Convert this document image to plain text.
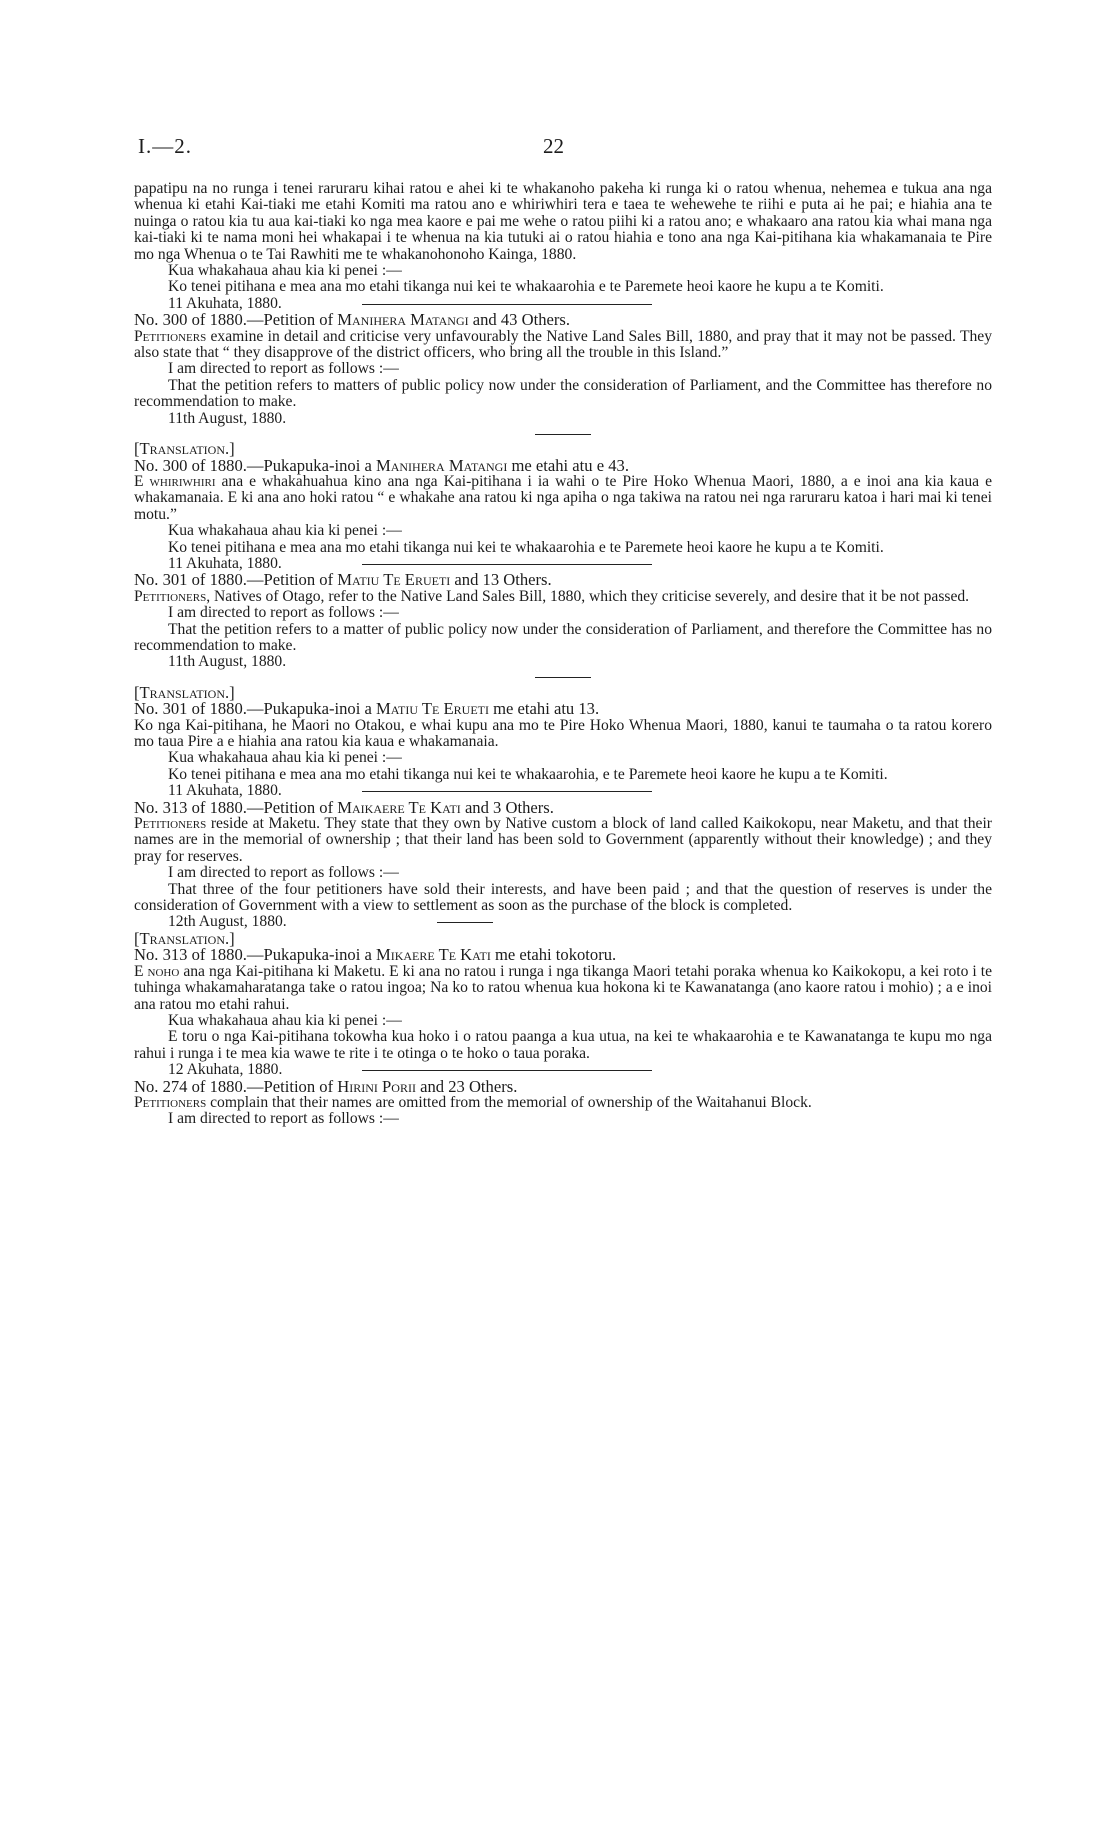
I.—2.	22

papatipu na no runga i tenei raruraru kihai ratou e ahei ki te whakanoho pakeha ki runga ki o ratou whenua, nehemea e tukua ana nga whenua ki etahi Kai-tiaki me etahi Komiti ma ratou ano e whiriwhiri tera e taea te wehewehe te riihi e puta ai he pai; e hiahia ana te nuinga o ratou kia tu aua kai-tiaki ko nga mea kaore e pai me wehe o ratou piihi ki a ratou ano; e whakaaro ana ratou kia whai mana nga kai-tiaki ki te nama moni hei whakapai i te whenua na kia tutuki ai o ratou hiahia e tono ana nga Kai-pitihana kia whakamanaia te Pire mo nga Whenua o te Tai Rawhiti me te whakanohonoho Kainga, 1880.

Kua whakahaua ahau kia ki penei :—

Ko tenei pitihana e mea ana mo etahi tikanga nui kei te whakaarohia e te Paremete heoi kaore he kupu a te Komiti.

11 Akuhata, 1880.

No. 300 of 1880.—Petition of Manihera Matangi and 43 Others.

Petitioners examine in detail and criticise very unfavourably the Native Land Sales Bill, 1880, and pray that it may not be passed. They also state that “ they disapprove of the district officers, who bring all the trouble in this Island.”

I am directed to report as follows :—

That the petition refers to matters of public policy now under the consideration of Parliament, and the Committee has therefore no recommendation to make.

11th August, 1880.

[Translation.]

No. 300 of 1880.—Pukapuka-inoi a Manihera Matangi me etahi atu e 43.

E whiriwhiri ana e whakahuahua kino ana nga Kai-pitihana i ia wahi o te Pire Hoko Whenua Maori, 1880, a e inoi ana kia kaua e whakamanaia. E ki ana ano hoki ratou “ e whakahe ana ratou ki nga apiha o nga takiwa na ratou nei nga raruraru katoa i hari mai ki tenei motu.”

Kua whakahaua ahau kia ki penei :—

Ko tenei pitihana e mea ana mo etahi tikanga nui kei te whakaarohia e te Paremete heoi kaore he kupu a te Komiti.

11 Akuhata, 1880.

No. 301 of 1880.—Petition of Matiu Te Erueti and 13 Others.

Petitioners, Natives of Otago, refer to the Native Land Sales Bill, 1880, which they criticise severely, and desire that it be not passed.

I am directed to report as follows :—

That the petition refers to a matter of public policy now under the consideration of Parliament, and therefore the Committee has no recommendation to make.

11th August, 1880.

[Translation.]

No. 301 of 1880.—Pukapuka-inoi a Matiu Te Erueti me etahi atu 13.

Ko nga Kai-pitihana, he Maori no Otakou, e whai kupu ana mo te Pire Hoko Whenua Maori, 1880, kanui te taumaha o ta ratou korero mo taua Pire a e hiahia ana ratou kia kaua e whakamanaia.

Kua whakahaua ahau kia ki penei :—

Ko tenei pitihana e mea ana mo etahi tikanga nui kei te whakaarohia, e te Paremete heoi kaore he kupu a te Komiti.

11 Akuhata, 1880.

No. 313 of 1880.—Petition of Maikaere Te Kati and 3 Others.

Petitioners reside at Maketu. They state that they own by Native custom a block of land called Kaikokopu, near Maketu, and that their names are in the memorial of ownership ; that their land has been sold to Government (apparently without their knowledge) ; and they pray for reserves.

I am directed to report as follows :—

That three of the four petitioners have sold their interests, and have been paid ; and that the question of reserves is under the consideration of Government with a view to settlement as soon as the purchase of the block is completed.

12th August, 1880.

[Translation.]

No. 313 of 1880.—Pukapuka-inoi a Mikaere Te Kati me etahi tokotoru.

E noho ana nga Kai-pitihana ki Maketu. E ki ana no ratou i runga i nga tikanga Maori tetahi poraka whenua ko Kaikokopu, a kei roto i te tuhinga whakamaharatanga take o ratou ingoa; Na ko to ratou whenua kua hokona ki te Kawanatanga (ano kaore ratou i mohio) ; a e inoi ana ratou mo etahi rahui.

Kua whakahaua ahau kia ki penei :—

E toru o nga Kai-pitihana tokowha kua hoko i o ratou paanga a kua utua, na kei te whakaarohia e te Kawanatanga te kupu mo nga rahui i runga i te mea kia wawe te rite i te otinga o te hoko o taua poraka.

12 Akuhata, 1880.

No. 274 of 1880.—Petition of Hirini Porii and 23 Others.

Petitioners complain that their names are omitted from the memorial of ownership of the Waitahanui Block.

I am directed to report as follows :—
